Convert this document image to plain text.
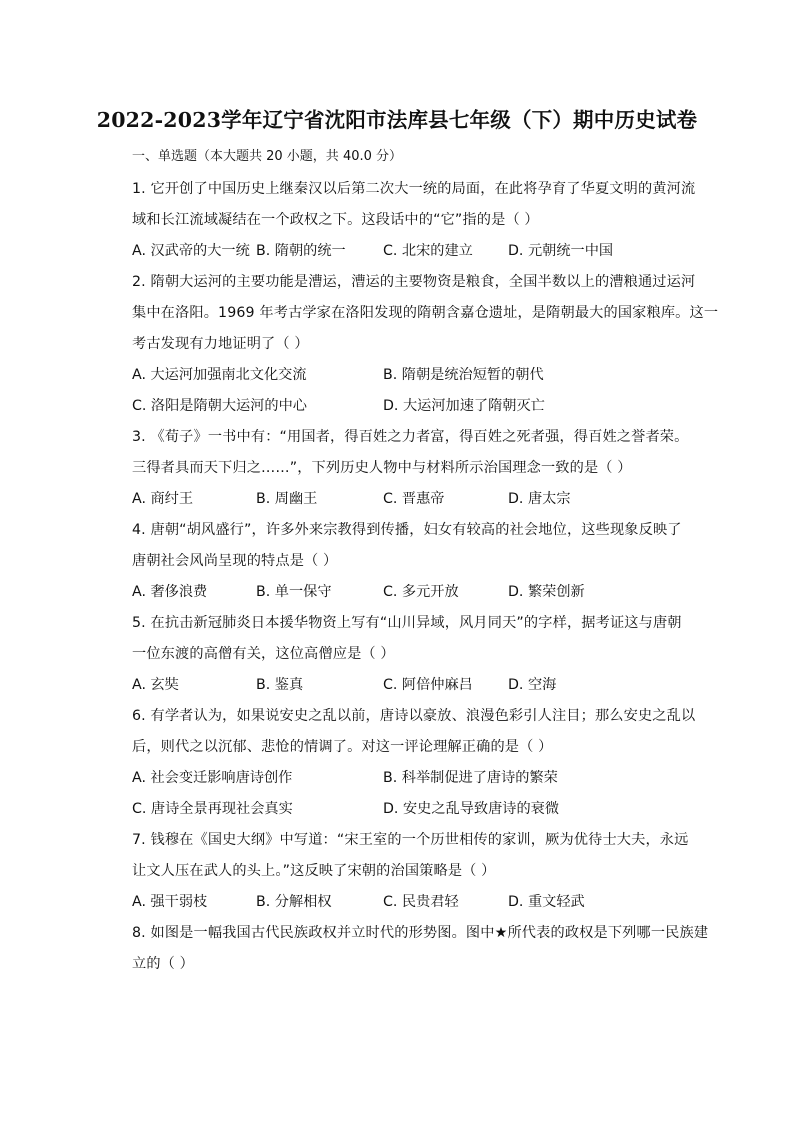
2022-2023学年辽宁省沈阳市法库县七年级（下）期中历史试卷
一、单选题（本大题共 20 小题，共 40.0 分）
1. 它开创了中国历史上继秦汉以后第二次大一统的局面，在此将孕育了华夏文明的黄河流
域和长江流域凝结在一个政权之下。这段话中的“它”指的是（ ）
A. 汉武帝的大一统 B. 隋朝的统一	C. 北宋的建立 D. 元朝统一中国
2. 隋朝大运河的主要功能是漕运，漕运的主要物资是粮食，全国半数以上的漕粮通过运河
集中在洛阳。1969 年考古学家在洛阳发现的隋朝含嘉仓遗址，是隋朝最大的国家粮库。这一
考古发现有力地证明了（ ）
A. 大运河加强南北文化交流	B. 隋朝是统治短暂的朝代
C. 洛阳是隋朝大运河的中心	D. 大运河加速了隋朝灭亡
3. 《荀子》一书中有：“用国者，得百姓之力者富，得百姓之死者强，得百姓之誉者荣。
三得者具而天下归之……”，下列历史人物中与材料所示治国理念一致的是（ ）
A. 商纣王	B. 周幽王	C. 晋惠帝	D. 唐太宗
4. 唐朝“胡风盛行”，许多外来宗教得到传播，妇女有较高的社会地位，这些现象反映了
唐朝社会风尚呈现的特点是（ ）
A. 奢侈浪费	B. 单一保守	C. 多元开放	D. 繁荣创新
5. 在抗击新冠肺炎日本援华物资上写有“山川异域，风月同天”的字样，据考证这与唐朝
一位东渡的高僧有关，这位高僧应是（ ）
A. 玄奘	B. 鉴真	C. 阿倍仲麻吕 D. 空海
6. 有学者认为，如果说安史之乱以前，唐诗以豪放、浪漫色彩引人注目；那么安史之乱以
后，则代之以沉郁、悲怆的情调了。对这一评论理解正确的是（ ）
A. 社会变迁影响唐诗创作	B. 科举制促进了唐诗的繁荣
C. 唐诗全景再现社会真实	D. 安史之乱导致唐诗的衰微
7. 钱穆在《国史大纲》中写道：“宋王室的一个历世相传的家训，厥为优待士大夫，永远
让文人压在武人的头上。”这反映了宋朝的治国策略是（ ）
A. 强干弱枝	B. 分解相权	C. 民贵君轻	D. 重文轻武
8. 如图是一幅我国古代民族政权并立时代的形势图。图中★所代表的政权是下列哪一民族建
立的（ ）
